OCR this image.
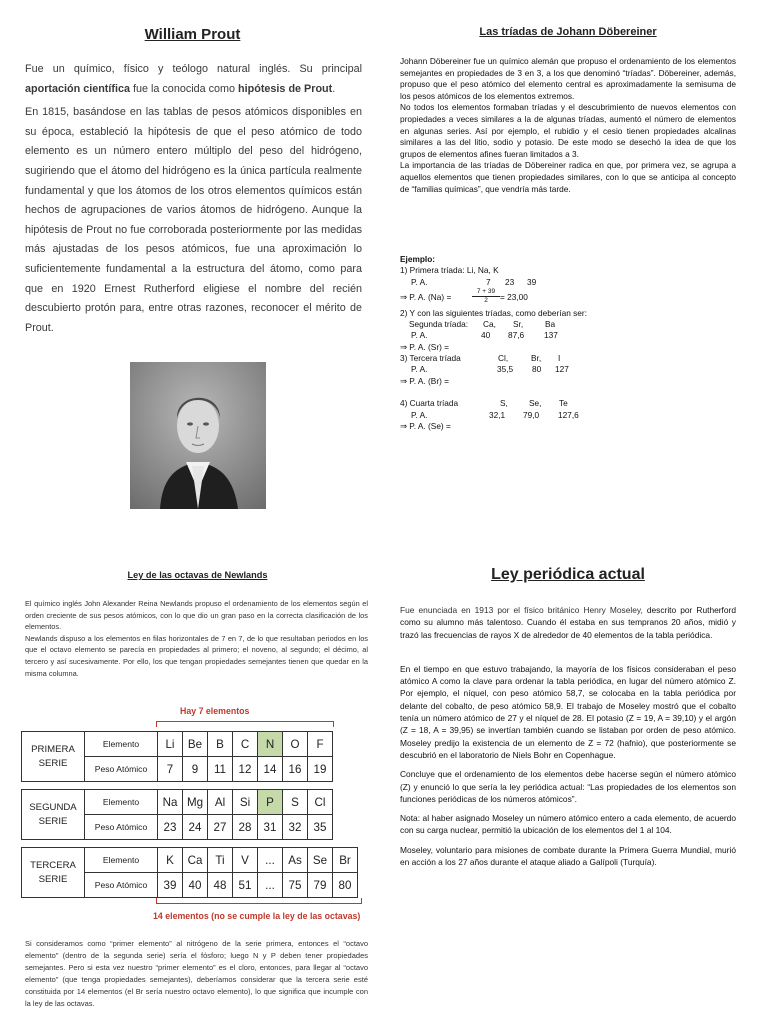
William Prout

Fue un químico, físico y teólogo natural inglés. Su principal aportación científica fue la conocida como hipótesis de Prout.

En 1815, basándose en las tablas de pesos atómicos disponibles en su época, estableció la hipótesis de que el peso atómico de todo elemento es un número entero múltiplo del peso del hidrógeno, sugiriendo que el átomo del hidrógeno es la única partícula realmente fundamental y que los átomos de los otros elementos químicos están hechos de agrupaciones de varios átomos de hidrógeno. Aunque la hipótesis de Prout no fue corroborada posteriormente por las medidas más ajustadas de los pesos atómicos, fue una aproximación lo suficientemente fundamental a la estructura del átomo, como para que en 1920 Ernest Rutherford eligiese el nombre del recién descubierto protón para, entre otras razones, reconocer el mérito de Prout.

Las tríadas de Johann Döbereiner

Johann Döbereiner fue un químico alemán que propuso el ordenamiento de los elementos semejantes en propiedades de 3 en 3, a los que denominó “tríadas”. Döbereiner, además, propuso que el peso atómico del elemento central es aproximadamente la semisuma de los pesos atómicos de los elementos extremos.

No todos los elementos formaban tríadas y el descubrimiento de nuevos elementos con propiedades a veces similares a la de algunas tríadas, aumentó el número de elementos en algunas series. Así por ejemplo, el rubidio y el cesio tienen propiedades alcalinas similares a las del litio, sodio y potasio. De este modo se desechó la idea de que los grupos de elementos afines fueran limitados a 3.

La importancia de las tríadas de Döbereiner radica en que, por primera vez, se agrupa a aquellos elementos que tienen propiedades similares, con lo que se anticipa al concepto de “familias químicas”, que vendría más tarde.

Ejemplo:
1) Primera tríada: Li, Na, K
P. A.	7 23 39
⇒ P. A. (Na) =
7 + 39
2	= 23,00
2) Y con las siguientes tríadas, como deberían ser:
Segunda tríada: Ca, Sr,	Ba
P. A.	40 87,6 137
⇒ P. A. (Sr) =
3) Tercera tríada	Cl,	Br, I
P. A.	35,5 80 127
⇒ P. A. (Br) =
4) Cuarta tríada	S,	Se, Te
P. A.	32,1 79,0 127,6
⇒ P. A. (Se) =
Ley de las octavas de Newlands

El químico inglés John Alexander Reina Newlands propuso el ordenamiento de los elementos según el orden creciente de sus pesos atómicos, con lo que dio un gran paso en la correcta clasificación de los elementos.

Newlands dispuso a los elementos en filas horizontales de 7 en 7, de lo que resultaban periodos en los que el octavo elemento se parecía en propiedades al primero; el noveno, al segundo; el décimo, al tercero y así sucesivamente. Por ello, los que tengan propiedades semejantes tienen que quedar en la misma columna.

Hay 7 elementos
PRIMERA
SERIE	Elemento	Li	Be	B	C	N	O	F
	Peso Atómico	7	9	11	12	14	16	19
SEGUNDA
SERIE	Elemento	Na	Mg	Al	Si	P	S	Cl
	Peso Atómico	23	24	27	28	31	32	35
TERCERA
SERIE	Elemento	K	Ca	Ti	V	...	As	Se	Br
	Peso Atómico	39	40	48	51	...	75	79	80
14 elementos (no se cumple la ley de las octavas)
Si consideramos como “primer elemento” al nitrógeno de la serie primera, entonces el “octavo elemento” (dentro de la segunda serie) sería el fósforo; luego N y P deben tener propiedades semejantes. Pero si esta vez nuestro “primer elemento” es el cloro, entonces, para llegar al “octavo elemento” (que tenga propiedades semejantes), deberíamos considerar que la tercera serie esté constituida por 14 elementos (el Br sería nuestro octavo elemento), lo que significa que incumple con la ley de las octavas.
Ley periódica actual

Fue enunciada en 1913 por el físico británico Henry Moseley, descrito por Rutherford como su alumno más talentoso. Cuando él estaba en sus tempranos 20 años, midió y trazó las frecuencias de rayos X de alrededor de 40 elementos de la tabla periódica.

En el tiempo en que estuvo trabajando, la mayoría de los físicos consideraban el peso atómico A como la clave para ordenar la tabla periódica, en lugar del número atómico Z. Por ejemplo, el níquel, con peso atómico 58,7, se colocaba en la tabla periódica por delante del cobalto, de peso atómico 58,9. El trabajo de Moseley mostró que el cobalto tenía un número atómico de 27 y el níquel de 28. El potasio (Z = 19, A = 39,10) y el argón (Z = 18, A = 39,95) se invertían también cuando se listaban por orden de peso atómico. Moseley predijo la existencia de un elemento de Z = 72 (hafnio), que posteriormente se descubrió en el laboratorio de Niels Bohr en Copenhague.

Concluye que el ordenamiento de los elementos debe hacerse según el número atómico (Z) y enunció lo que sería la ley periódica actual: “Las propiedades de los elementos son funciones periódicas de los números atómicos”.

Nota: al haber asignado Moseley un número atómico entero a cada elemento, de acuerdo con su carga nuclear, permitió la ubicación de los elementos del 1 al 104.

Moseley, voluntario para misiones de combate durante la Primera Guerra Mundial, murió en acción a los 27 años durante el ataque aliado a Galípoli (Turquía).
